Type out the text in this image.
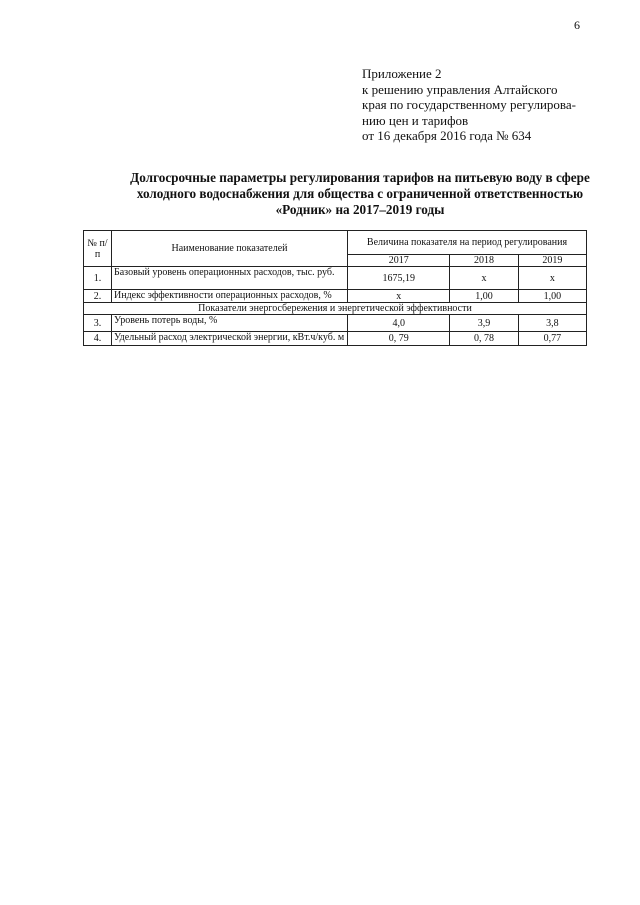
6
Приложение 2
к решению управления Алтайского
края по государственному регулирова-
нию цен и тарифов
от 16 декабря 2016 года № 634
Долгосрочные параметры регулирования тарифов на питьевую воду в сфере
холодного водоснабжения для общества с ограниченной ответственностью
«Родник» на 2017–2019 годы
№ п/п	Наименование показателей	Величина показателя на период регулирования		
		2017	2018	2019
1.	Базовый уровень операционных расходов, тыс. руб.	1675,19	x	x
2.	Индекс эффективности операционных расходов, %	x	1,00	1,00
Показатели энергосбережения и энергетической эффективности				
3.	Уровень потерь воды, %	4,0	3,9	3,8
4.	Удельный расход электрической энергии, кВт.ч/куб. м	0, 79	0, 78	0,77
